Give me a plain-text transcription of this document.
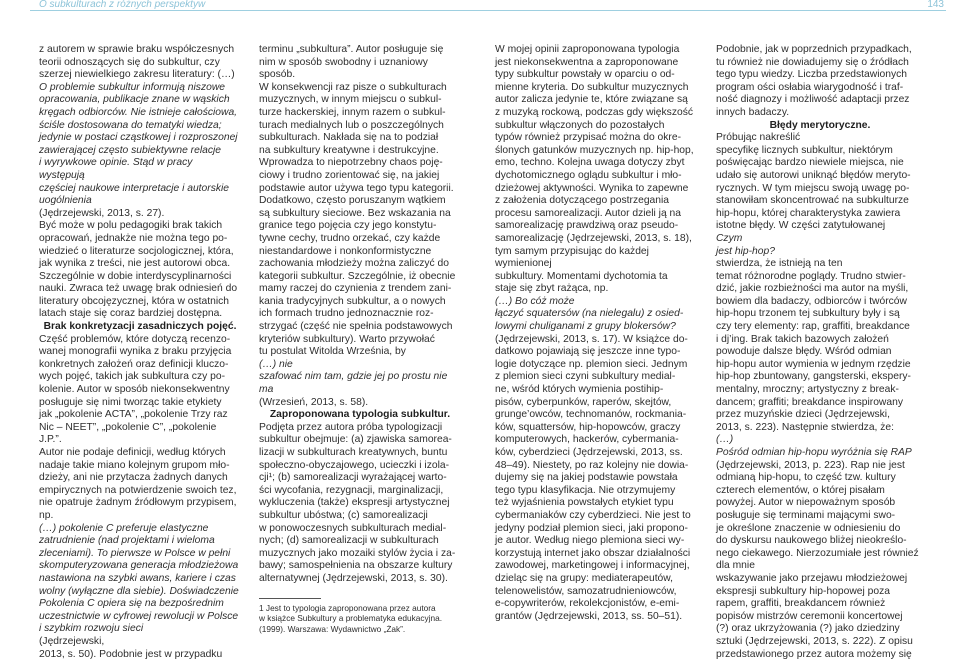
O subkulturach z różnych perspektyw	143

z autorem w sprawie braku współczesnych
teorii odnoszących się do subkultur, czy
szerzej niewielkiego zakresu literatury: (…)

O problemie subkultur informują niszowe
opracowania, publikacje znane w wąskich
kręgach odbiorców. Nie istnieje całościowa,
ściśle dostosowana do tematyki wiedza;
jedynie w postaci cząstkowej i rozproszonej
zawierającej często subiektywne relacje
i wyrywkowe opinie. Stąd w pracy występują
częściej naukowe interpretacje i autorskie
uogólnienia

(Jędrzejewski, 2013, s. 27).
Być może w polu pedagogiki brak takich
opracowań, jednakże nie można tego po-
wiedzieć o literaturze socjologicznej, która,
jak wynika z treści, nie jest autorowi obca.
Szczególnie w dobie interdyscyplinarności
nauki. Zwraca też uwagę brak odniesień do
literatury obcojęzycznej, która w ostatnich
latach staje się coraz bardziej dostępna.

Brak konkretyzacji zasadniczych pojęć.

Część problemów, które dotyczą recenzo-
wanej monografii wynika z braku przyjęcia
konkretnych założeń oraz definicji kluczo-
wych pojęć, takich jak subkultura czy po-
kolenie. Autor w sposób niekonsekwentny
posługuje się nimi tworząc takie etykiety
jak „pokolenie ACTA”, „pokolenie Trzy raz
Nic – NEET”, „pokolenie C”, „pokolenie J.P.”.
Autor nie podaje definicji, według których
nadaje takie miano kolejnym grupom mło-
dzieży, ani nie przytacza żadnych danych
empirycznych na potwierdzenie swoich tez,
nie opatruje żadnym źródłowym przypisem,
np.

(…) pokolenie C preferuje elastyczne
zatrudnienie (nad projektami i wieloma
zleceniami). To pierwsze w Polsce w pełni
skomputeryzowana generacja młodzieżowa
nastawiona na szybki awans, kariere i czas
wolny (wyłączne dla siebie). Doświadczenie
Pokolenia C opiera się na bezpośrednim
uczestnictwie w cyfrowej rewolucji w Polsce
i szybkim rozwoju sieci

(Jędrzejewski,
2013, s. 50). Podobnie jest w przypadku

terminu „subkultura”. Autor posługuje się
nim w sposób swobodny i uznaniowy sposób.
W konsekwencji raz pisze o subkulturach
muzycznych, w innym miejscu o subkul-
turze hackerskiej, innym razem o subkul-
turach medialnych lub o poszczególnych
subkulturach. Nakłada się na to podział
na subkultury kreatywne i destrukcyjne.
Wprowadza to niepotrzebny chaos poję-
ciowy i trudno zorientować się, na jakiej
podstawie autor używa tego typu kategorii.
Dodatkowo, często poruszanym wątkiem
są subkultury sieciowe. Bez wskazania na
granice tego pojęcia czy jego konstytu-
tywne cechy, trudno orzekać, czy każde
niestandardowe i nonkonformistyczne
zachowania młodzieży można zaliczyć do
kategorii subkultur. Szczególnie, iż obecnie
mamy raczej do czynienia z trendem zani-
kania tradycyjnych subkultur, a o nowych
ich formach trudno jednoznacznie roz-
strzygać (część nie spełnia podstawowych
kryteriów subkultury). Warto przywołać
tu postulat Witolda Września, by

(…) nie
szafować nim tam, gdzie jej po prostu nie
ma

(Wrzesień, 2013, s. 58).

Zaproponowana typologia subkultur.

Podjęta przez autora próba typologizacji
subkultur obejmuje: (a) zjawiska samorea-
lizacji w subkulturach kreatywnych, buntu
społeczno-obyczajowego, ucieczki i izola-
cji¹; (b) samorealizacji wyrażającej warto-
ści wycofania, rezygnacji, marginalizacji,
wykluczenia (także) ekspresji artystycznej
subkultur ubóstwa; (c) samorealizacji
w ponowoczesnych subkulturach medial-
nych; (d) samorealizacji w subkulturach
muzycznych jako mozaiki stylów życia i za-
bawy; samospełnienia na obszarze kultury
alternatywnej (Jędrzejewski, 2013, s. 30).

1 Jest to typologia zaproponowana przez autora
w książce Subkultury a problematyka edukacyjna.
(1999). Warszawa: Wydawnictwo „Żak”.

W mojej opinii zaproponowana typologia
jest niekonsekwentna a zaproponowane
typy subkultur powstały w oparciu o od-
mienne kryteria. Do subkultur muzycznych
autor zalicza jedynie te, które związane są
z muzyką rockową, podczas gdy większość
subkultur włączonych do pozostałych
typów również przypisać można do okre-
ślonych gatunków muzycznych np. hip-hop,
emo, techno. Kolejna uwaga dotyczy zbyt
dychotomicznego oglądu subkultur i mło-
dzieżowej aktywności. Wynika to zapewne
z założenia dotyczącego postrzegania
procesu samorealizacji. Autor dzieli ją na
samorealizację prawdziwą oraz pseudo-
samorealizację (Jędrzejewski, 2013, s. 18),
tym samym przypisując do każdej wymienionej
subkultury. Momentami dychotomia ta
staje się zbyt rażąca, np.

(…) Bo cóż może
łączyć squatersów (na nielegalu) z osied-
lowymi chuliganami z grupy blokersów?

(Jędrzejewski, 2013, s. 17). W książce do-
datkowo pojawiają się jeszcze inne typo-
logie dotyczące np. plemion sieci. Jednym
z plemion sieci czyni subkultury medial-
ne, wśród których wymienia postihip-
pisów, cyberpunków, raperów, skejtów,
grunge’owców, technomanów, rockmania-
ków, squattersów, hip-hopowców, graczy
komputerowych, hackerów, cybermania-
ków, cyberdzieci (Jędrzejewski, 2013, ss.
48–49). Niestety, po raz kolejny nie dowia-
dujemy się na jakiej podstawie powstała
tego typu klasyfikacja. Nie otrzymujemy
też wyjaśnienia powstałych etykiet typu
cybermaniaków czy cyberdzieci. Nie jest to
jedyny podział plemion sieci, jaki propono-
je autor. Według niego plemiona sieci wy-
korzystują internet jako obszar działalności
zawodowej, marketingowej i informacyjnej,
dzieląc się na grupy: mediaterapeutów,
telenowelistów, samozatrudnieniowców,
e-copywriterów, rekolekcjonistów, e-emi-
grantów (Jędrzejewski, 2013, ss. 50–51).

Podobnie, jak w poprzednich przypadkach,
tu również nie dowiadujemy się o źródłach
tego typu wiedzy. Liczba przedstawionych
program ości osłabia wiarygodność i traf-
ność diagnozy i możliwość adaptacji przez
innych badaczy.

Błędy merytoryczne.

Próbując nakreślić
specyfikę licznych subkultur, niektórym
poświęcając bardzo niewiele miejsca, nie
udało się autorowi uniknąć błędów meryto-
rycznych. W tym miejscu swoją uwagę po-
stanowiłam skoncentrować na subkulturze
hip-hopu, której charakterystyka zawiera
istotne błędy. W części zatytułowanej

Czym
jest hip-hop?

stwierdza, że istnieją na ten
temat różnorodne poglądy. Trudno stwier-
dzić, jakie rozbieżności ma autor na myśli,
bowiem dla badaczy, odbiorców i twórców
hip-hopu trzonem tej subkultury były i są
czy tery elementy: rap, graffiti, breakdance
i dj’ing. Brak takich bazowych założeń
powoduje dalsze błędy. Wśród odmian
hip-hopu autor wymienia w jednym rzędzie
hip-hop zbuntowany, gangsterski, ekspery-
mentalny, mroczny; artystyczny z break-
dancem; graffiti; breakdance inspirowany
przez muzyńskie dzieci (Jędrzejewski,
2013, s. 223). Następnie stwierdza, że:

(…)
Pośród odmian hip-hopu wyróżnia się RAP

(Jędrzejewski, 2013, p. 223). Rap nie jest
odmianą hip-hopu, to część tzw. kultury
czterech elementów, o której pisałam
powyżej. Autor w niepoważnym sposób
posługuje się terminami mającymi swo-
je określone znaczenie w odniesieniu do
do dyskursu naukowego bliżej nieokreślo-
nego ciekawego. Nierzozumiałe jest równieź dla mnie
wskazywanie jako przejawu młodzieżowej
ekspresji subkultury hip-hopowej poza
rapem, graffiti, breakdancem również
popisów mistrzów ceremonii koncertowej
(?) oraz ukrzyżowania (?) jako dziedziny
sztuki (Jędrzejewski, 2013, s. 222). Z opisu
przedstawionego przez autora możemy się
